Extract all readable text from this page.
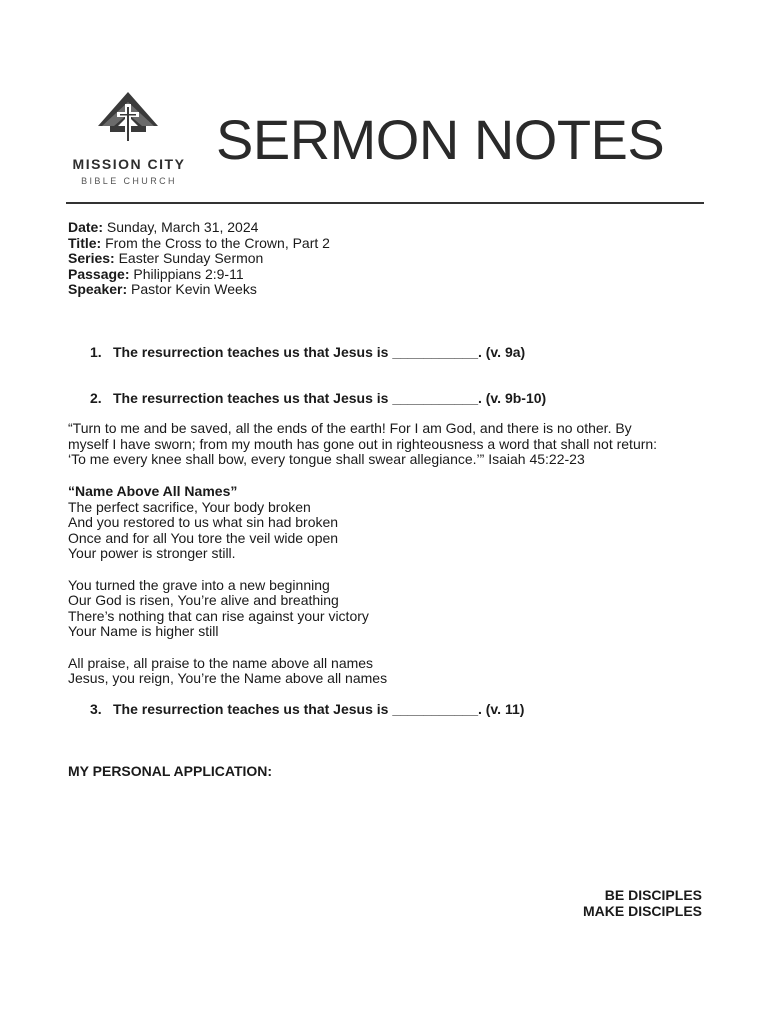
MISSION CITY
BIBLE CHURCH
SERMON NOTES
Date: Sunday, March 31, 2024
Title: From the Cross to the Crown, Part 2
Series: Easter Sunday Sermon
Passage: Philippians 2:9-11
Speaker: Pastor Kevin Weeks
1. The resurrection teaches us that Jesus is ___________. (v. 9a)
2. The resurrection teaches us that Jesus is ___________. (v. 9b-10)
“Turn to me and be saved, all the ends of the earth! For I am God, and there is no other. By
myself I have sworn; from my mouth has gone out in righteousness a word that shall not return:
‘To me every knee shall bow, every tongue shall swear allegiance.’” Isaiah 45:22-23
“Name Above All Names”
The perfect sacrifice, Your body broken
And you restored to us what sin had broken
Once and for all You tore the veil wide open
Your power is stronger still.
You turned the grave into a new beginning
Our God is risen, You’re alive and breathing
There’s nothing that can rise against your victory
Your Name is higher still
All praise, all praise to the name above all names
Jesus, you reign, You’re the Name above all names
3. The resurrection teaches us that Jesus is ___________. (v. 11)
MY PERSONAL APPLICATION:
BE DISCIPLES
MAKE DISCIPLES
